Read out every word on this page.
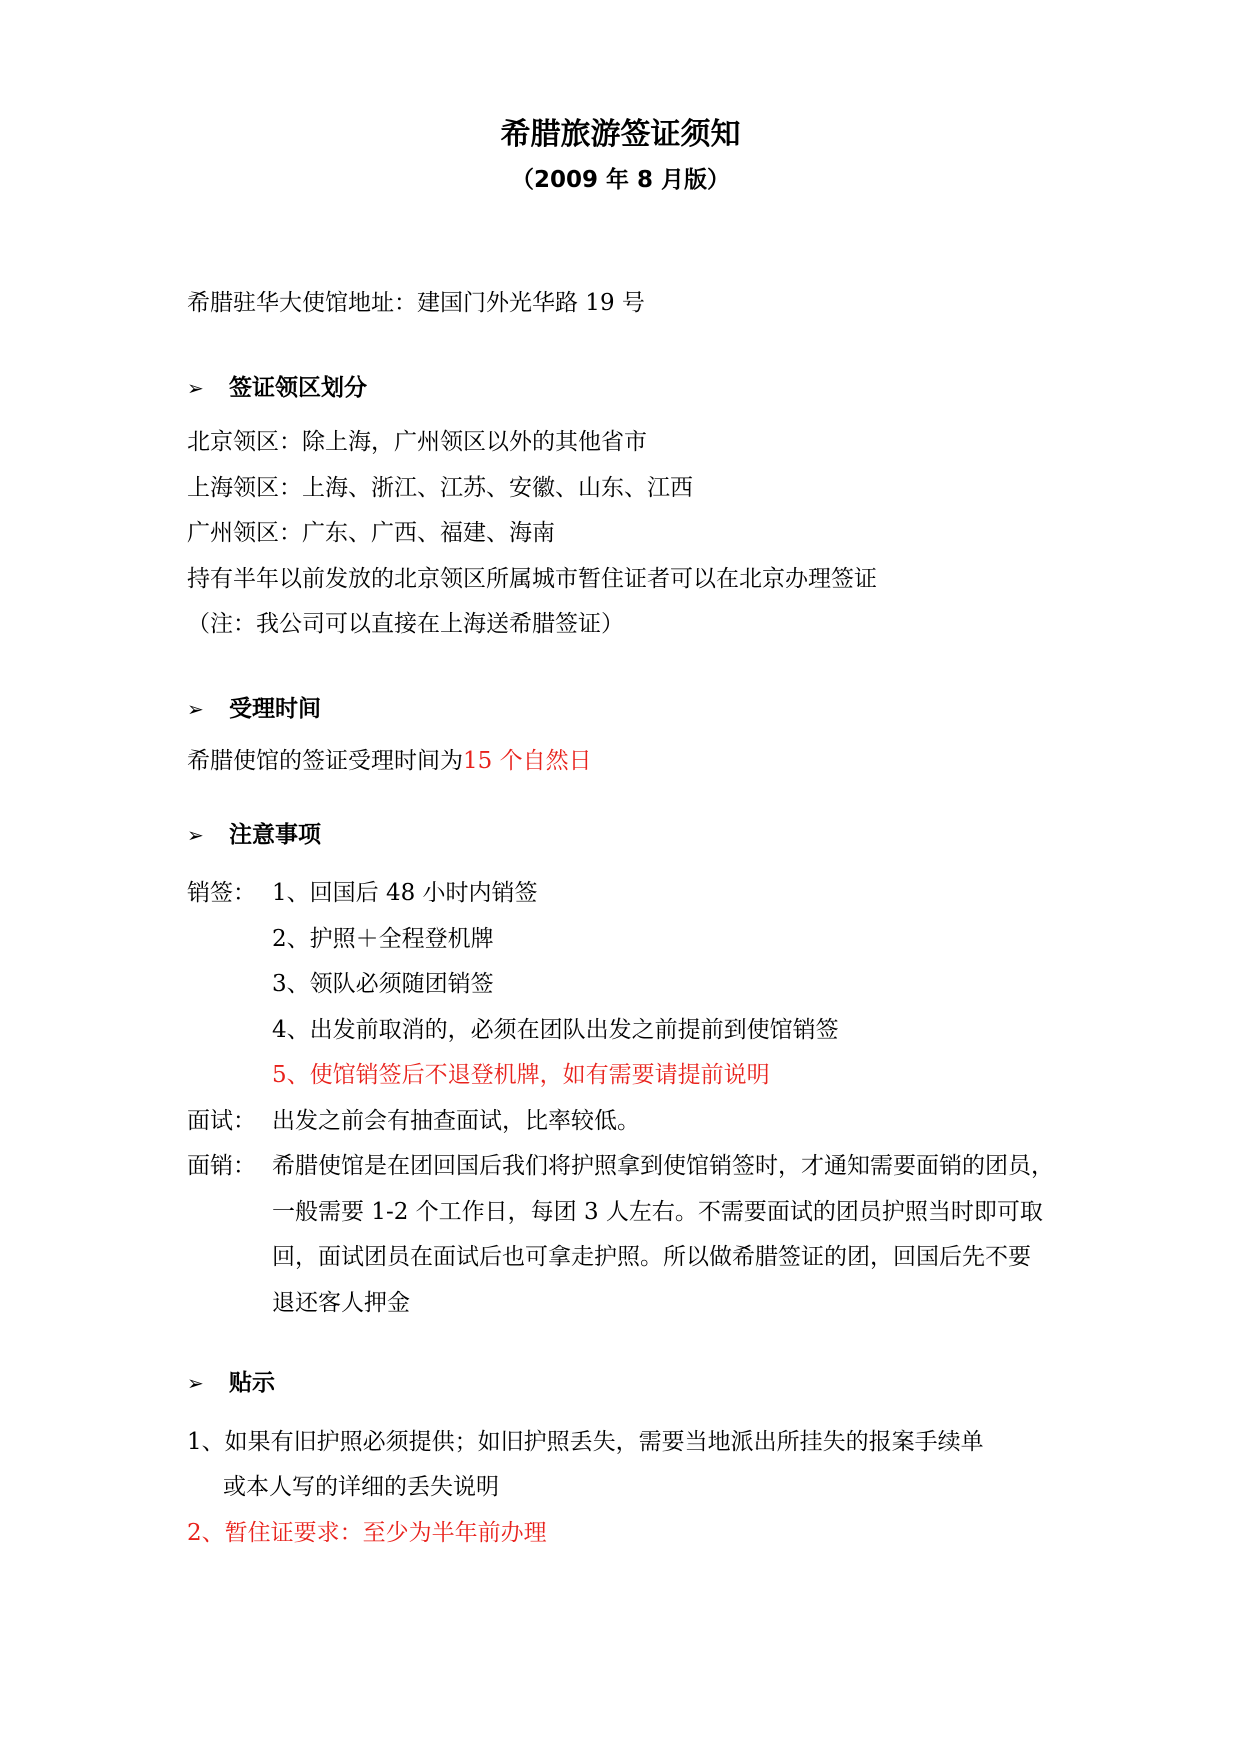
希腊旅游签证须知
（2009 年 8 月版）
希腊驻华大使馆地址：建国门外光华路 19 号
➢ 签证领区划分
北京领区：除上海，广州领区以外的其他省市
上海领区：上海、浙江、江苏、安徽、山东、江西
广州领区：广东、广西、福建、海南
持有半年以前发放的北京领区所属城市暂住证者可以在北京办理签证
（注：我公司可以直接在上海送希腊签证）
➢ 受理时间
希腊使馆的签证受理时间为15 个自然日
➢ 注意事项
销签： 1、回国后 48 小时内销签
2、护照＋全程登机牌
3、领队必须随团销签
4、出发前取消的，必须在团队出发之前提前到使馆销签
5、使馆销签后不退登机牌，如有需要请提前说明
面试： 出发之前会有抽查面试，比率较低。
面销： 希腊使馆是在团回国后我们将护照拿到使馆销签时，才通知需要面销的团员，
一般需要 1-2 个工作日，每团 3 人左右。不需要面试的团员护照当时即可取
回，面试团员在面试后也可拿走护照。所以做希腊签证的团，回国后先不要
退还客人押金
➢ 贴示
1、如果有旧护照必须提供；如旧护照丢失，需要当地派出所挂失的报案手续单
或本人写的详细的丢失说明
2、暂住证要求：至少为半年前办理
